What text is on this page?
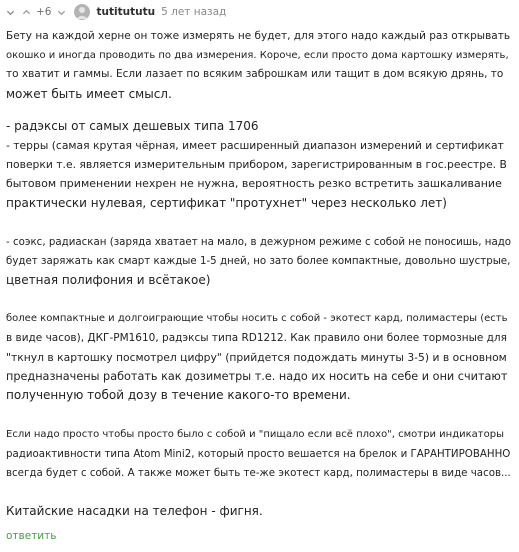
+6	tutitututu 5 лет назад

Бету на каждой херне он тоже измерять не будет, для этого надо каждый раз открывать
окошко и иногда проводить по два измерения. Короче, если просто дома картошку измерять,
то хватит и гаммы. Если лазает по всяким заброшкам или тащит в дом всякую дрянь, то
может быть имеет смысл.

- радэксы от самых дешевых типа 1706
- терры (самая крутая чёрная, имеет расширенный диапазон измерений и сертификат
поверки т.е. является измерительным прибором, зарегистрированным в гос.реестре. В
бытовом применении нехрен не нужна, вероятность резко встретить зашкаливание
практически нулевая, сертификат "протухнет" через несколько лет)

- соэкс, радиаскан (заряда хватает на мало, в дежурном режиме с собой не поносишь, надо
будет заряжать как смарт каждые 1-5 дней, но зато более компактные, довольно шустрые,
цветная полифония и всётакое)

более компактные и долгоиграющие чтобы носить с собой - экотест кард, полимастеры (есть
в виде часов), ДКГ-РМ1610, радэксы типа RD1212. Как правило они более тормозные для
"ткнул в картошку посмотрел цифру" (прийдется подождать минуты 3-5) и в основном
предназначены работать как дозиметры т.е. надо их носить на себе и они считают
полученную тобой дозу в течение какого-то времени.

Если надо просто чтобы просто было с собой и "пищало если всё плохо", смотри индикаторы
радиоактивности типа Atom Mini2, который просто вешается на брелок и ГАРАНТИРОВАННО
всегда будет с собой. А также может быть те-же экотест кард, полимастеры в виде часов...

Китайские насадки на телефон - фигня.

ответить
